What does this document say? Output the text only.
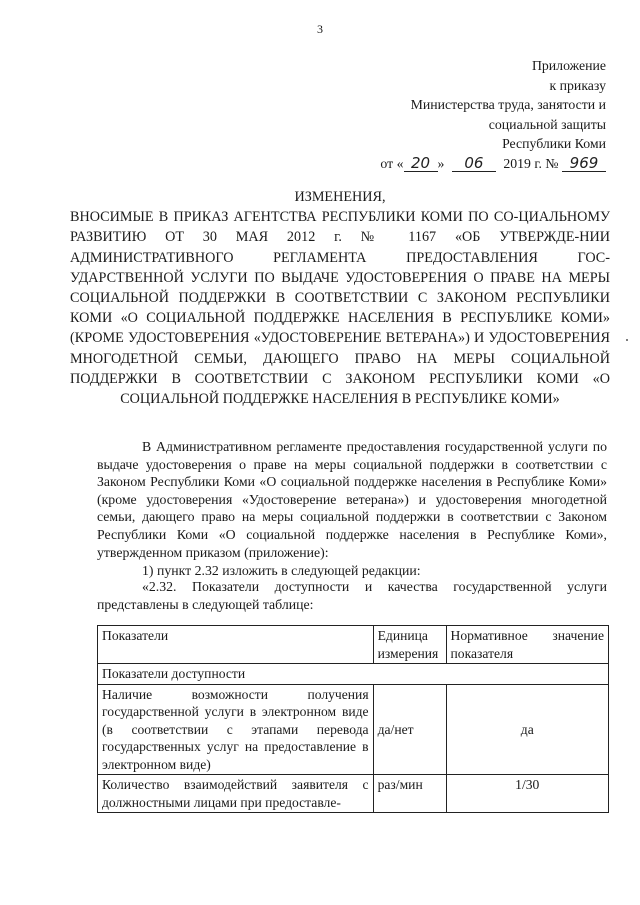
3
Приложение
к приказу
Министерства труда, занятости и
социальной защиты
Республики Коми
от « 20 » 06 2019 г. № 969
ИЗМЕНЕНИЯ,
ВНОСИМЫЕ В ПРИКАЗ АГЕНТСТВА РЕСПУБЛИКИ КОМИ ПО СО-ЦИАЛЬНОМУ РАЗВИТИЮ ОТ 30 МАЯ 2012 г. № 1167 «ОБ УТВЕРЖДЕ-НИИ АДМИНИСТРАТИВНОГО РЕГЛАМЕНТА ПРЕДОСТАВЛЕНИЯ ГОС-УДАРСТВЕННОЙ УСЛУГИ ПО ВЫДАЧЕ УДОСТОВЕРЕНИЯ О ПРАВЕ НА МЕРЫ СОЦИАЛЬНОЙ ПОДДЕРЖКИ В СООТВЕТСТВИИ С ЗАКОНОМ РЕСПУБЛИКИ КОМИ «О СОЦИАЛЬНОЙ ПОДДЕРЖКЕ НАСЕЛЕНИЯ В РЕСПУБЛИКЕ КОМИ» (КРОМЕ УДОСТОВЕРЕНИЯ «УДОСТОВЕРЕНИЕ ВЕТЕРАНА») И УДОСТОВЕРЕНИЯ МНОГОДЕТНОЙ СЕМЬИ, ДАЮЩЕГО ПРАВО НА МЕРЫ СОЦИАЛЬНОЙ ПОДДЕРЖКИ В СООТВЕТСТВИИ С ЗАКОНОМ РЕСПУБЛИКИ КОМИ «О СОЦИАЛЬНОЙ ПОДДЕРЖКЕ НАСЕЛЕНИЯ В РЕСПУБЛИКЕ КОМИ»
В Административном регламенте предоставления государственной услуги по выдаче удостоверения о праве на меры социальной поддержки в соответствии с Законом Республики Коми «О социальной поддержке населения в Республике Коми» (кроме удостоверения «Удостоверение ветерана») и удостоверения многодетной семьи, дающего право на меры социальной поддержки в соответствии с Законом Республики Коми «О социальной поддержке населения в Республике Коми», утвержденном приказом (приложение):
1) пункт 2.32 изложить в следующей редакции:
«2.32. Показатели доступности и качества государственной услуги представлены в следующей таблице:
Показатели	Единица измерения	Нормативное значение показателя
Показатели доступности		
Наличие возможности получения государственной услуги в электронном виде (в соответствии с этапами перевода государственных услуг на предоставление в электронном виде)	да/нет	да
Количество взаимодействий заявителя с должностными лицами при предоставле-	раз/мин	1/30
